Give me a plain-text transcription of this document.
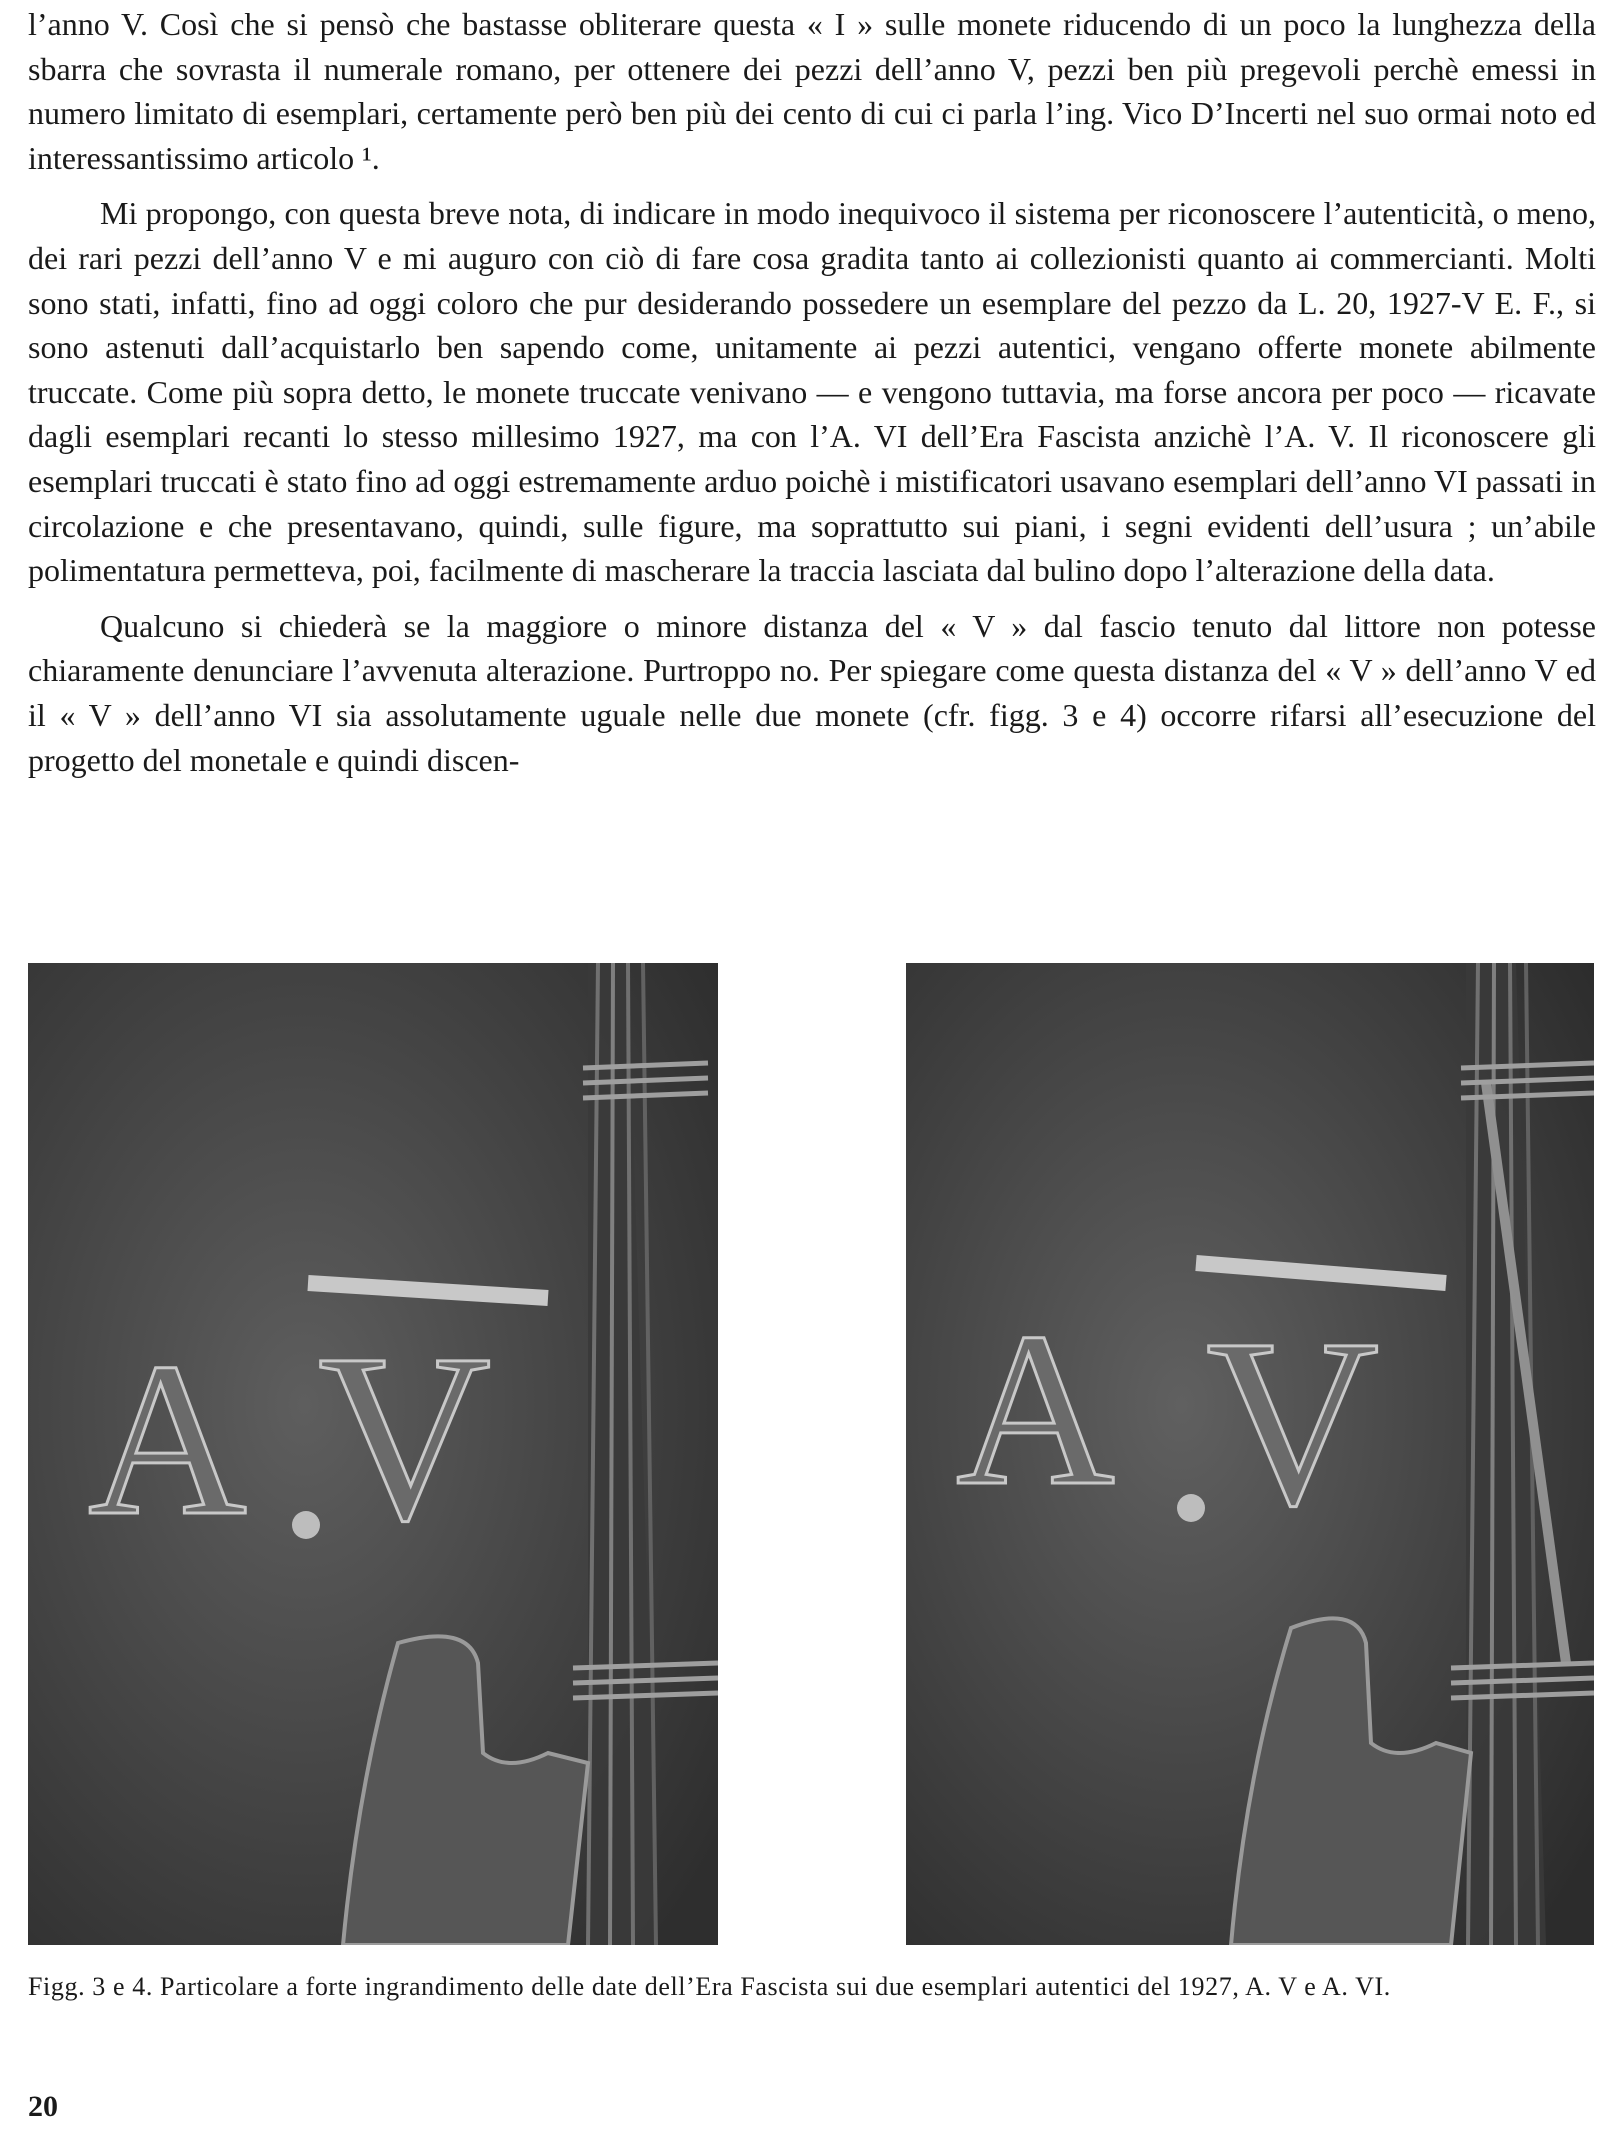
l’anno V. Così che si pensò che bastasse obliterare questa « I » sulle monete riducendo di un poco la lunghezza della sbarra che sovrasta il numerale romano, per ottenere dei pezzi dell’anno V, pezzi ben più pregevoli perchè emessi in numero limitato di esemplari, certamente però ben più dei cento di cui ci parla l’ing. Vico D’Incerti nel suo ormai noto ed interessantissimo articolo ¹.

Mi propongo, con questa breve nota, di indicare in modo inequivoco il sistema per riconoscere l’autenticità, o meno, dei rari pezzi dell’anno V e mi auguro con ciò di fare cosa gradita tanto ai collezionisti quanto ai commercianti. Molti sono stati, infatti, fino ad oggi coloro che pur desiderando possedere un esemplare del pezzo da L. 20, 1927-V E. F., si sono astenuti dall’acquistarlo ben sapendo come, unitamente ai pezzi autentici, vengano offerte monete abilmente truccate. Come più sopra detto, le monete truccate venivano — e vengono tuttavia, ma forse ancora per poco — ricavate dagli esemplari recanti lo stesso millesimo 1927, ma con l’A. VI dell’Era Fascista anzichè l’A. V. Il riconoscere gli esemplari truccati è stato fino ad oggi estremamente arduo poichè i mistificatori usavano esemplari dell’anno VI passati in circolazione e che presentavano, quindi, sulle figure, ma soprattutto sui piani, i segni evidenti dell’usura ; un’abile polimentatura permetteva, poi, facilmente di mascherare la traccia lasciata dal bulino dopo l’alterazione della data.

Qualcuno si chiederà se la maggiore o minore distanza del « V » dal fascio tenuto dal littore non potesse chiaramente denunciare l’avvenuta alterazione. Purtroppo no. Per spiegare come questa distanza del « V » dell’anno V ed il « V » dell’anno VI sia assolutamente uguale nelle due monete (cfr. figg. 3 e 4) occorre rifarsi all’esecuzione del progetto del monetale e quindi discen-

A V A V
Figg. 3 e 4. Particolare a forte ingrandimento delle date dell’Era Fascista sui due esemplari autentici del 1927, A. V e A. VI.
20
